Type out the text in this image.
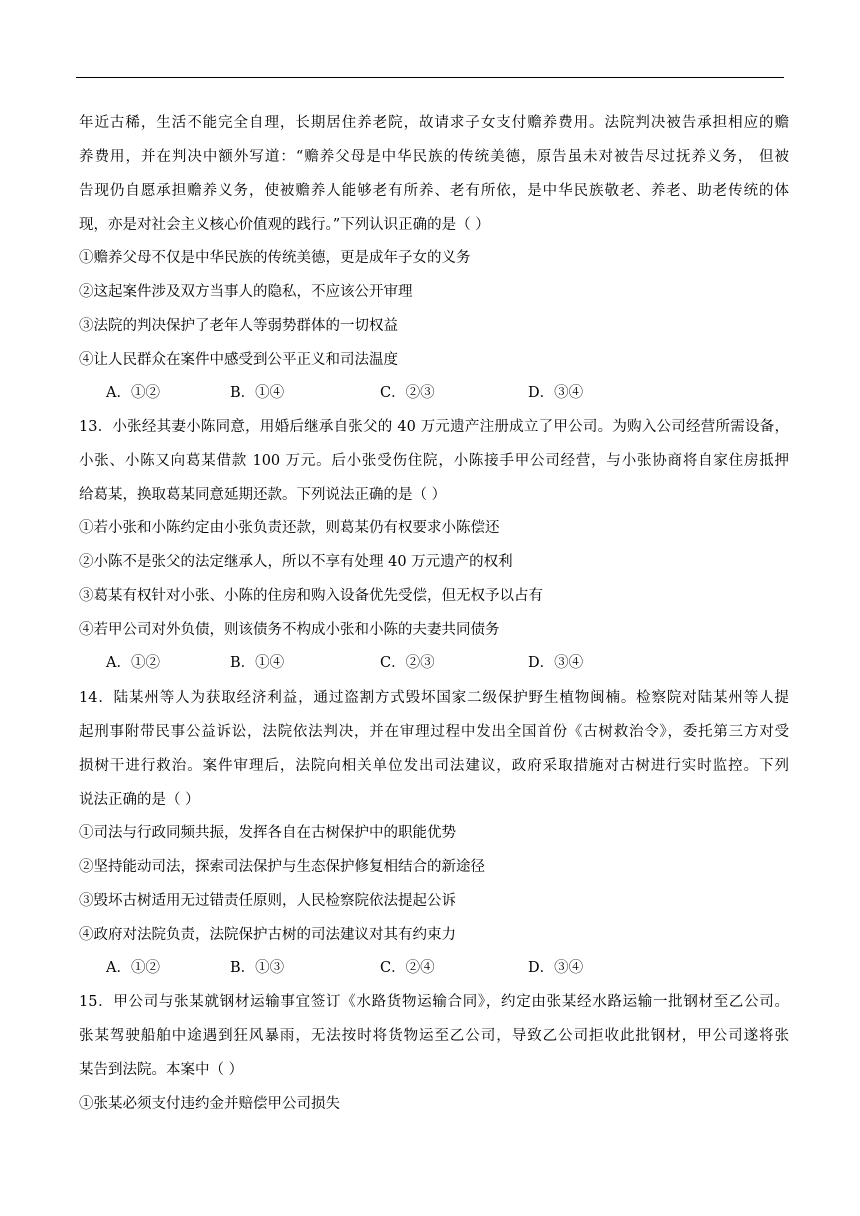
年近古稀，生活不能完全自理，长期居住养老院，故请求子女支付赡养费用。法院判决被告承担相应的赡
养费用，并在判决中额外写道：“赡养父母是中华民族的传统美德，原告虽未对被告尽过抚养义务， 但被
告现仍自愿承担赡养义务，使被赡养人能够老有所养、老有所依，是中华民族敬老、养老、助老传统的体
现，亦是对社会主义核心价值观的践行。”下列认识正确的是（ ）
①赡养父母不仅是中华民族的传统美德，更是成年子女的义务
②这起案件涉及双方当事人的隐私，不应该公开审理
③法院的判决保护了老年人等弱势群体的一切权益
④让人民群众在案件中感受到公平正义和司法温度
A．①②	B．①④	C．②③	D．③④
13．小张经其妻小陈同意，用婚后继承自张父的 40 万元遗产注册成立了甲公司。为购入公司经营所需设备，
小张、小陈又向葛某借款 100 万元。后小张受伤住院，小陈接手甲公司经营，与小张协商将自家住房抵押
给葛某，换取葛某同意延期还款。下列说法正确的是（ ）
①若小张和小陈约定由小张负责还款，则葛某仍有权要求小陈偿还
②小陈不是张父的法定继承人，所以不享有处理 40 万元遗产的权利
③葛某有权针对小张、小陈的住房和购入设备优先受偿，但无权予以占有
④若甲公司对外负债，则该债务不构成小张和小陈的夫妻共同债务
A．①②	B．①④	C．②③	D．③④
14．陆某州等人为获取经济利益，通过盗割方式毁坏国家二级保护野生植物闽楠。检察院对陆某州等人提
起刑事附带民事公益诉讼，法院依法判决，并在审理过程中发出全国首份《古树救治令》，委托第三方对受
损树干进行救治。案件审理后，法院向相关单位发出司法建议，政府采取措施对古树进行实时监控。下列
说法正确的是（ ）
①司法与行政同频共振，发挥各自在古树保护中的职能优势
②坚持能动司法，探索司法保护与生态保护修复相结合的新途径
③毁坏古树适用无过错责任原则，人民检察院依法提起公诉
④政府对法院负责，法院保护古树的司法建议对其有约束力
A．①②	B．①③	C．②④	D．③④
15．甲公司与张某就钢材运输事宜签订《水路货物运输合同》，约定由张某经水路运输一批钢材至乙公司。
张某驾驶船舶中途遇到狂风暴雨，无法按时将货物运至乙公司，导致乙公司拒收此批钢材，甲公司遂将张
某告到法院。本案中（ ）
①张某必须支付违约金并赔偿甲公司损失
